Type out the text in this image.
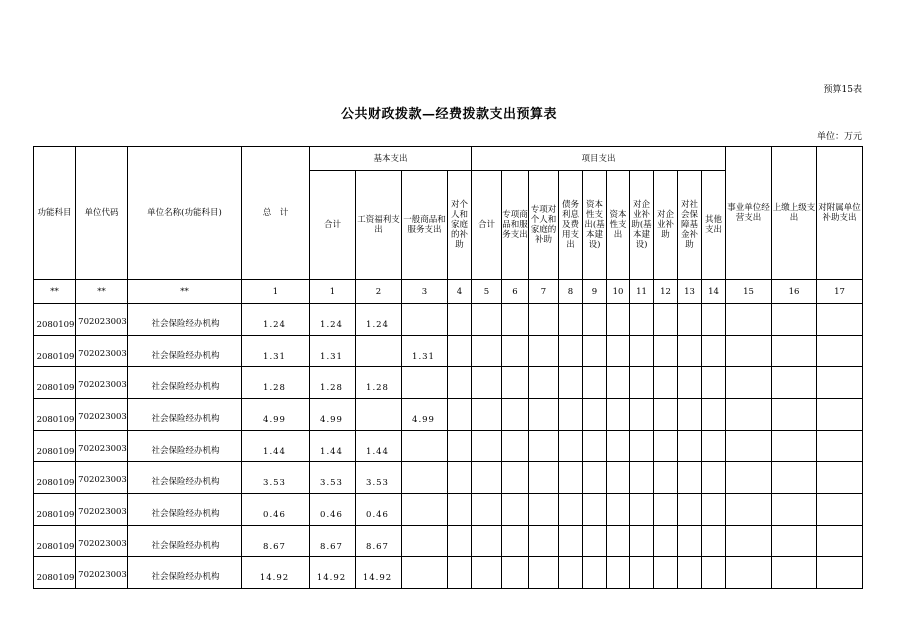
预算15表
公共财政拨款—经费拨款支出预算表
单位：万元
功能科目	单位代码	单位名称(功能科目)	总　计	基本支出				项目支出										事业单位经营支出	上缴上级支出	对附属单位补助支出
				合计	工资福利支出	一般商品和服务支出	对个人和家庭的补助	合计	专项商品和服务支出	专项对个人和家庭的补助	债务利息及费用支出	资本性支出(基本建设)	资本性支出	对企业补助(基本建设)	对企业补助	对社会保障基金补助	其他支出			
**	**	**	1	1	2	3	4	5	6	7	8	9	10	11	12	13	14	15	16	17
2080109	702023003	社会保险经办机构	1.24	1.24	1.24															
2080109	702023003	社会保险经办机构	1.31	1.31		1.31														
2080109	702023003	社会保险经办机构	1.28	1.28	1.28															
2080109	702023003	社会保险经办机构	4.99	4.99		4.99														
2080109	702023003	社会保险经办机构	1.44	1.44	1.44															
2080109	702023003	社会保险经办机构	3.53	3.53	3.53															
2080109	702023003	社会保险经办机构	0.46	0.46	0.46															
2080109	702023003	社会保险经办机构	8.67	8.67	8.67															
2080109	702023003	社会保险经办机构	14.92	14.92	14.92															
